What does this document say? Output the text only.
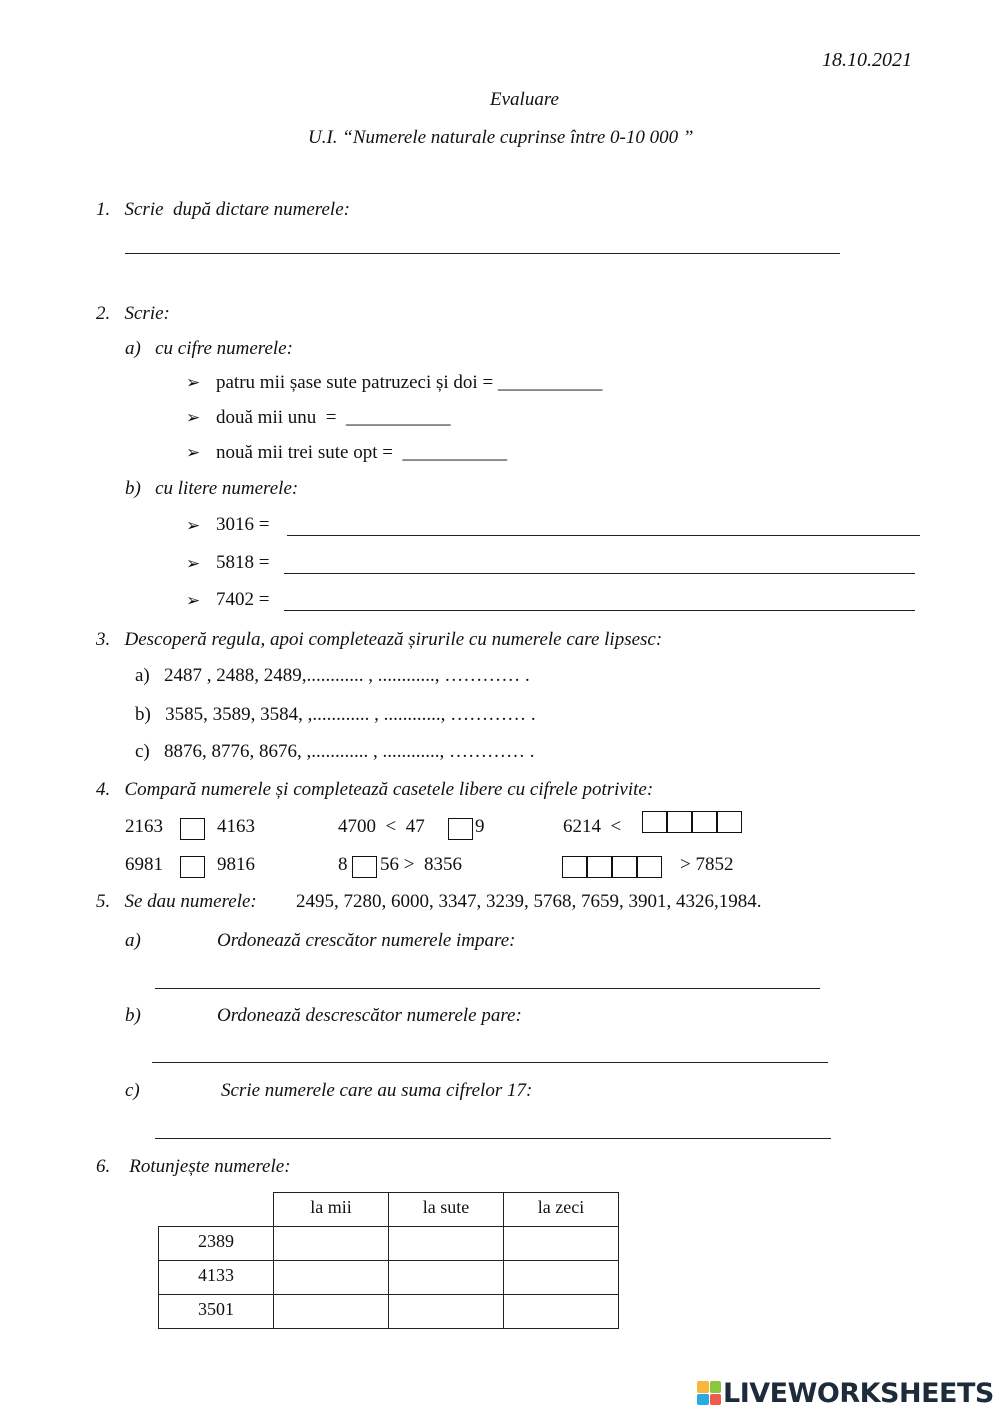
18.10.2021
Evaluare
U.I. “Numerele naturale cuprinse între 0-10 000 ”
1.   Scrie  după dictare numerele:
2.   Scrie:
a)   cu cifre numerele:
➢ patru mii șase sute patruzeci și doi = ___________
➢ două mii unu  =  ___________
➢ nouă mii trei sute opt =  ___________
b)   cu litere numerele:
➢ 3016 =
➢ 5818 =
➢ 7402 =
3.   Descoperă regula, apoi completează șirurile cu numerele care lipsesc:
a)   2487 , 2488, 2489,............ , ............, ………… .
b)   3585, 3589, 3584, ,............ , ............, ………… .
c)   8876, 8776, 8676, ,............ , ............, ………… .
4.   Compară numerele și completează casetele libere cu cifrele potrivite:
2163	4163	4700  <  47	9	6214  <
6981	9816	8 56 >  8356	> 7852
5.   Se dau numerele: 2495, 7280, 6000, 3347, 3239, 5768, 7659, 3901, 4326,1984.
a)	Ordonează crescător numerele impare:
b)	Ordonează descrescător numerele pare:
c)	Scrie numerele care au suma cifrelor 17:
6.    Rotunjește numerele:
	la mii	la sute	la zeci
2389			
4133			
3501			
LIVEWORKSHEETS
